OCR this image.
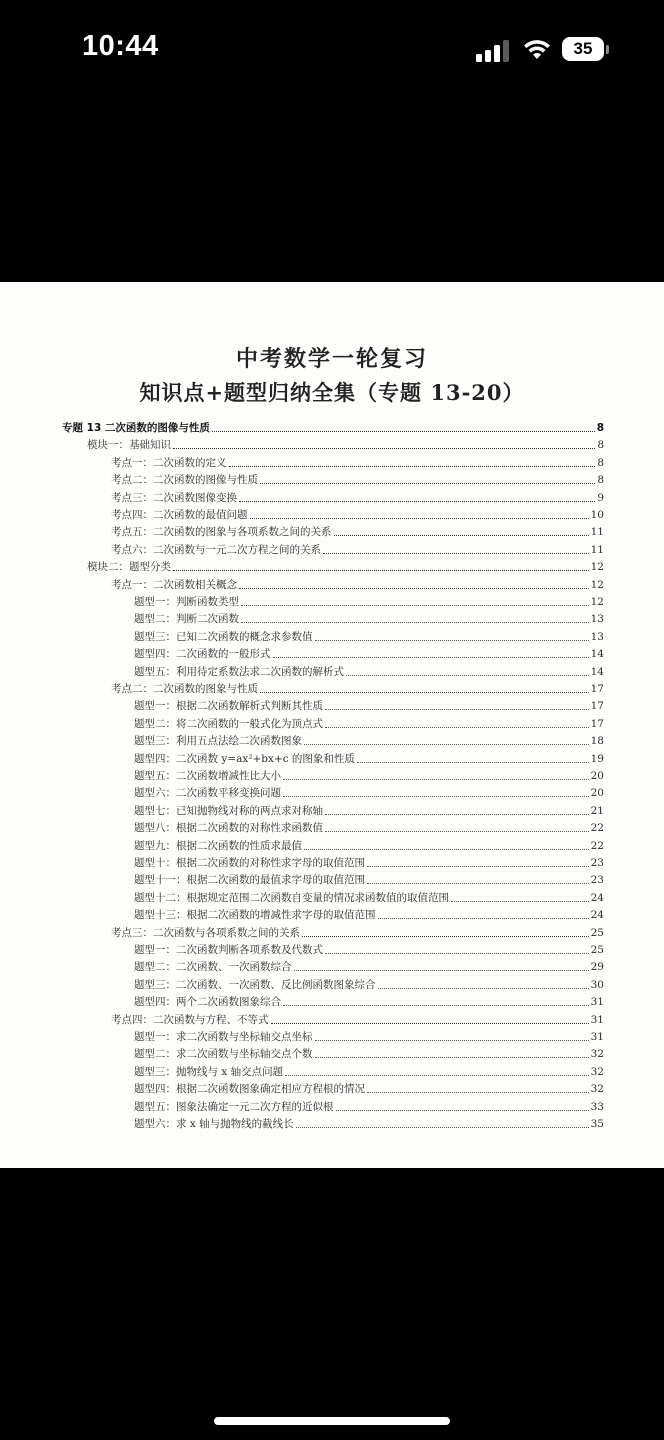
10:44	35
中考数学一轮复习
知识点+题型归纳全集（专题 13-20）
专题 13 二次函数的图像与性质	8
模块一：基础知识	8
考点一：二次函数的定义	8
考点二：二次函数的图像与性质	8
考点三：二次函数图像变换	9
考点四：二次函数的最值问题	10
考点五：二次函数的图象与各项系数之间的关系	11
考点六：二次函数与一元二次方程之间的关系	11
模块二：题型分类	12
考点一：二次函数相关概念	12
题型一：判断函数类型	12
题型二：判断二次函数	13
题型三：已知二次函数的概念求参数值	13
题型四：二次函数的一般形式	14
题型五：利用待定系数法求二次函数的解析式	14
考点二：二次函数的图象与性质	17
题型一：根据二次函数解析式判断其性质	17
题型二：将二次函数的一般式化为顶点式	17
题型三：利用五点法绘二次函数图象	18
题型四：二次函数 y=ax²+bx+c 的图象和性质	19
题型五：二次函数增减性比大小	20
题型六：二次函数平移变换问题	20
题型七：已知抛物线对称的两点求对称轴	21
题型八：根据二次函数的对称性求函数值	22
题型九：根据二次函数的性质求最值	22
题型十：根据二次函数的对称性求字母的取值范围	23
题型十一：根据二次函数的最值求字母的取值范围	23
题型十二：根据规定范围二次函数自变量的情况求函数值的取值范围	24
题型十三：根据二次函数的增减性求字母的取值范围	24
考点三：二次函数与各项系数之间的关系	25
题型一：二次函数判断各项系数及代数式	25
题型二：二次函数、一次函数综合	29
题型三：二次函数、一次函数、反比例函数图象综合	30
题型四：两个二次函数图象综合	31
考点四：二次函数与方程、不等式	31
题型一：求二次函数与坐标轴交点坐标	31
题型二：求二次函数与坐标轴交点个数	32
题型三：抛物线与 x 轴交点问题	32
题型四：根据二次函数图象确定相应方程根的情况	32
题型五：图象法确定一元二次方程的近似根	33
题型六：求 x 轴与抛物线的截线长	35
